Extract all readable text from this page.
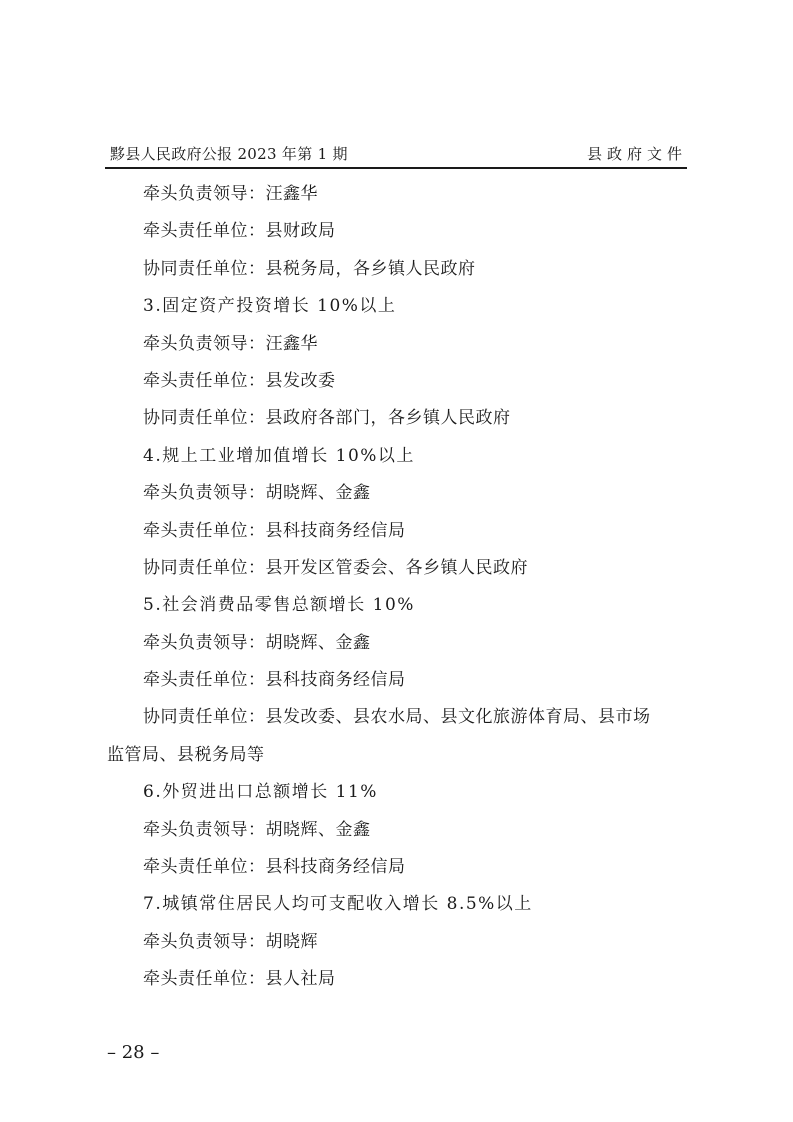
黟县人民政府公报 2023 年第 1 期	县政府文件
牵头负责领导：汪鑫华
牵头责任单位：县财政局
协同责任单位：县税务局，各乡镇人民政府
3.固定资产投资增长 10%以上
牵头负责领导：汪鑫华
牵头责任单位：县发改委
协同责任单位：县政府各部门，各乡镇人民政府
4.规上工业增加值增长 10%以上
牵头负责领导：胡晓辉、金鑫
牵头责任单位：县科技商务经信局
协同责任单位：县开发区管委会、各乡镇人民政府
5.社会消费品零售总额增长 10%
牵头负责领导：胡晓辉、金鑫
牵头责任单位：县科技商务经信局
协同责任单位：县发改委、县农水局、县文化旅游体育局、县市场
监管局、县税务局等
6.外贸进出口总额增长 11%
牵头负责领导：胡晓辉、金鑫
牵头责任单位：县科技商务经信局
7.城镇常住居民人均可支配收入增长 8.5%以上
牵头负责领导：胡晓辉
牵头责任单位：县人社局
– 28 –
